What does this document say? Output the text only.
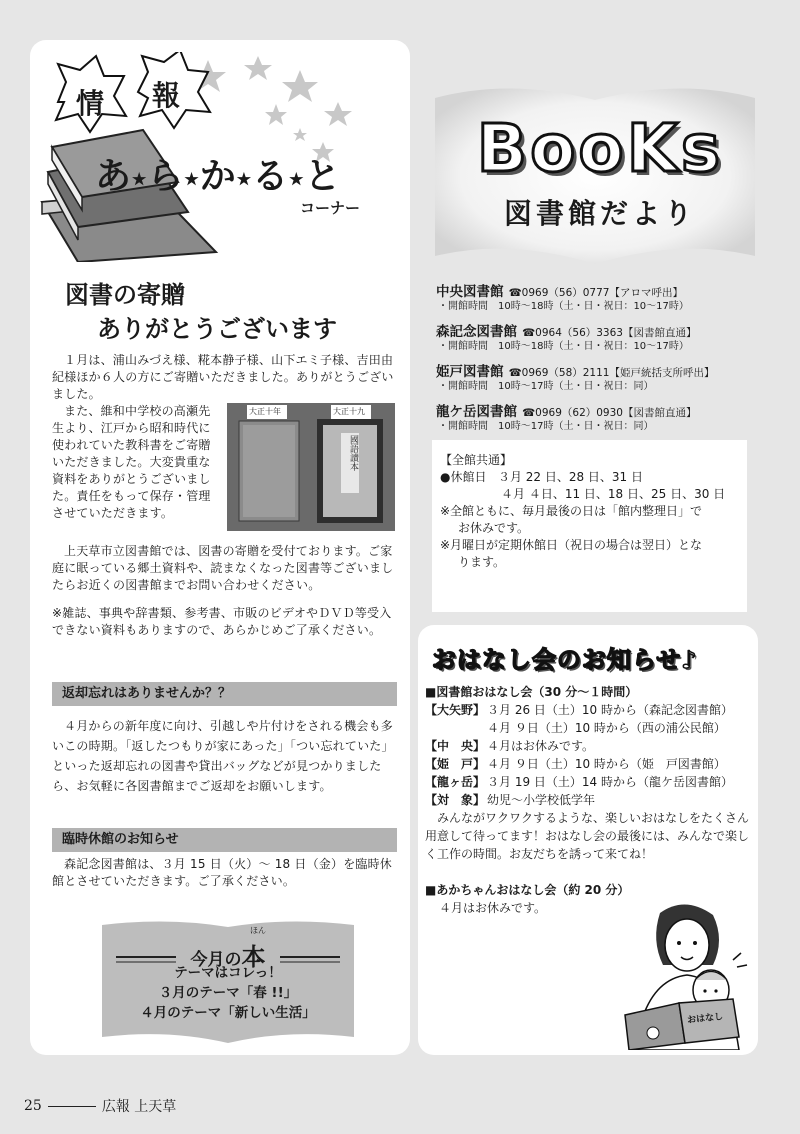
情 報
あ★ら★か★る★と
コーナー
BooKs
図書館だより
図書の寄贈
ありがとうございます

１月は、浦山みづえ様、糀本静子様、山下エミ子様、吉田由紀様ほか６人の方にご寄贈いただきました。ありがとうございました。

また、維和中学校の高瀬先生より、江戸から昭和時代に使われていた教科書をご寄贈いただきました。大変貴重な資料をありがとうございました。責任をもって保存・管理させていただきます。

大正十年	大正十九
國語讀本

上天草市立図書館では、図書の寄贈を受付ております。ご家庭に眠っている郷土資料や、読まなくなった図書等ございましたらお近くの図書館までお問い合わせください。

※雑誌、事典や辞書類、参考書、市販のビデオやＤＶＤ等受入できない資料もありますので、あらかじめご了承ください。

返却忘れはありませんか？？

４月からの新年度に向け、引越しや片付けをされる機会も多いこの時期。「返したつもりが家にあった」「つい忘れていた」といった返却忘れの図書や貸出バッグなどが見つかりましたら、お気軽に各図書館までご返却をお願いします。

臨時休館のお知らせ

森記念図書館は、３月 15 日（火）～ 18 日（金）を臨時休館とさせていただきます。ご了承ください。

今月の本
ほん
テーマはコレっ！
３月のテーマ「春 !!」
４月のテーマ「新しい生活」
中央図書館 ☎0969（56）0777【アロマ呼出】
・開館時間　10時～18時（土・日・祝日：10～17時）
森記念図書館 ☎0964（56）3363【図書館直通】
・開館時間　10時～18時（土・日・祝日：10～17時）
姫戸図書館 ☎0969（58）2111【姫戸統括支所呼出】
・開館時間　10時～17時（土・日・祝日：同）
龍ケ岳図書館 ☎0969（62）0930【図書館直通】
・開館時間　10時～17時（土・日・祝日：同）
【全館共通】
●休館日 ３月 22 日、28 日、31 日
４月 ４日、11 日、18 日、25 日、30 日
※全館ともに、毎月最後の日は「館内整理日」で
お休みです。
※月曜日が定期休館日（祝日の場合は翌日）とな
ります。
おはなし会のお知らせ♪
■図書館おはなし会（30 分～１時間）
【大矢野】 ３月 26 日（土）10 時から（森記念図書館）
４月 ９日（土）10 時から（西の浦公民館）
【中　央】 ４月はお休みです。
【姫　戸】 ４月 ９日（土）10 時から（姫　戸図書館）
【龍ヶ岳】 ３月 19 日（土）14 時から（龍ケ岳図書館）
【対　象】 幼児～小学校低学年
みんながワクワクするような、楽しいおはなしをたくさん用意して待ってます！おはなし会の最後には、みんなで楽しく工作の時間。お友だちを誘って来てね！
■あかちゃんおはなし会（約 20 分）
４月はお休みです。
おはなし
25	広報 上天草
